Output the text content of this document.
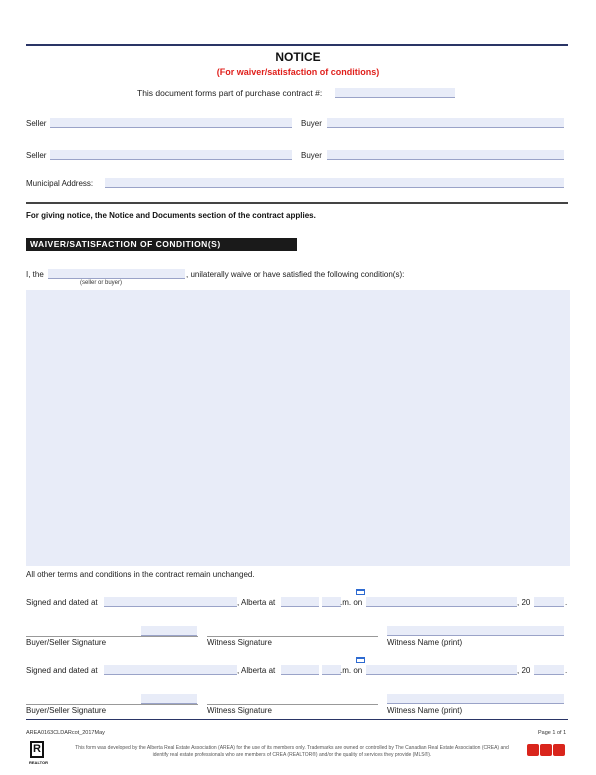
NOTICE
(For waiver/satisfaction of conditions)
This document forms part of purchase contract #:
Seller	Buyer
Seller	Buyer
Municipal Address:
For giving notice, the Notice and Documents section of the contract applies.
WAIVER/SATISFACTION OF CONDITION(S)
I, the	, unilaterally waive or have satisfied the following condition(s):
(seller or buyer)
All other terms and conditions in the contract remain unchanged.
Signed and dated at	, Alberta at	.m. on	, 20	.
Buyer/Seller Signature	Witness Signature	Witness Name (print)
Signed and dated at	, Alberta at	.m. on	, 20	.
Buyer/Seller Signature	Witness Signature	Witness Name (print)
AREA0163CLDARcot_2017May	Page 1 of 1
R
REALTOR
This form was developed by the Alberta Real Estate Association (AREA) for the use of its members only. Trademarks are owned or controlled by The Canadian Real Estate Association (CREA) and identify real estate professionals who are members of CREA (REALTOR®) and/or the quality of services they provide (MLS®).
